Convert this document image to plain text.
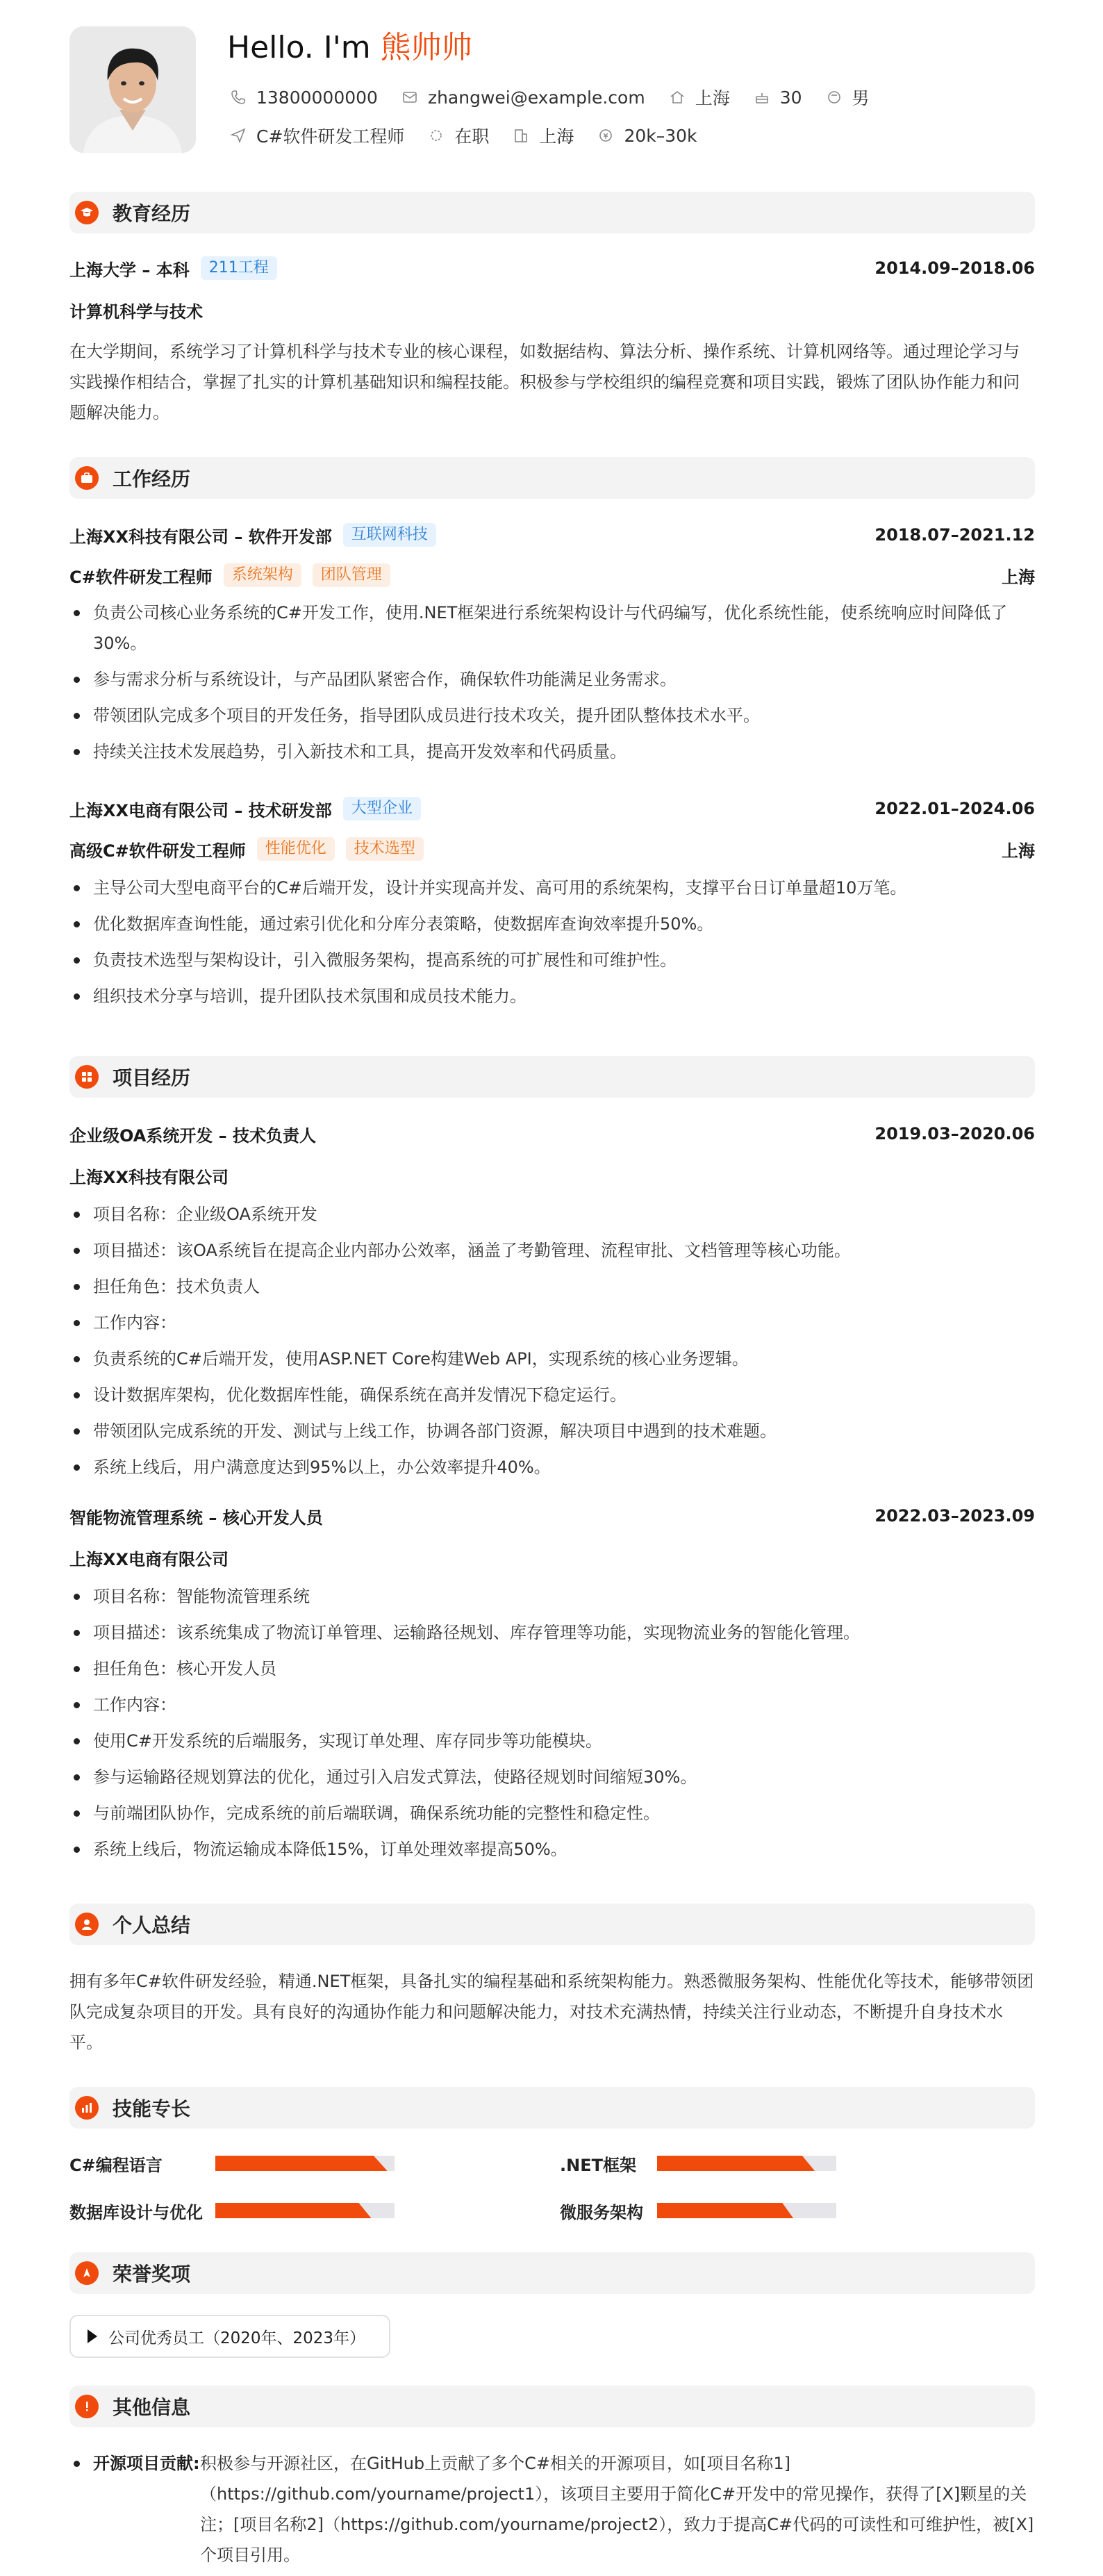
Hello. I'm 熊帅帅
13800000000	zhangwei@example.com	上海	30	男
C#软件研发工程师	在职	上海	20k–30k
教育经历
上海大学 – 本科	211工程	2014.09–2018.06
计算机科学与技术
在大学期间，系统学习了计算机科学与技术专业的核心课程，如数据结构、算法分析、操作系统、计算机网络等。通过理论学习与实践操作相结合，掌握了扎实的计算机基础知识和编程技能。积极参与学校组织的编程竞赛和项目实践，锻炼了团队协作能力和问题解决能力。
工作经历
上海XX科技有限公司 – 软件开发部	互联网科技	2018.07–2021.12
C#软件研发工程师	系统架构	团队管理	上海
负责公司核心业务系统的C#开发工作，使用.NET框架进行系统架构设计与代码编写，优化系统性能，使系统响应时间降低了30%。
参与需求分析与系统设计，与产品团队紧密合作，确保软件功能满足业务需求。
带领团队完成多个项目的开发任务，指导团队成员进行技术攻关，提升团队整体技术水平。
持续关注技术发展趋势，引入新技术和工具，提高开发效率和代码质量。
上海XX电商有限公司 – 技术研发部	大型企业	2022.01–2024.06
高级C#软件研发工程师	性能优化	技术选型	上海
主导公司大型电商平台的C#后端开发，设计并实现高并发、高可用的系统架构，支撑平台日订单量超10万笔。
优化数据库查询性能，通过索引优化和分库分表策略，使数据库查询效率提升50%。
负责技术选型与架构设计，引入微服务架构，提高系统的可扩展性和可维护性。
组织技术分享与培训，提升团队技术氛围和成员技术能力。
项目经历
企业级OA系统开发 – 技术负责人	2019.03–2020.06
上海XX科技有限公司
项目名称：企业级OA系统开发
项目描述：该OA系统旨在提高企业内部办公效率，涵盖了考勤管理、流程审批、文档管理等核心功能。
担任角色：技术负责人
工作内容：
负责系统的C#后端开发，使用ASP.NET Core构建Web API，实现系统的核心业务逻辑。
设计数据库架构，优化数据库性能，确保系统在高并发情况下稳定运行。
带领团队完成系统的开发、测试与上线工作，协调各部门资源，解决项目中遇到的技术难题。
系统上线后，用户满意度达到95%以上，办公效率提升40%。
智能物流管理系统 – 核心开发人员	2022.03–2023.09
上海XX电商有限公司
项目名称：智能物流管理系统
项目描述：该系统集成了物流订单管理、运输路径规划、库存管理等功能，实现物流业务的智能化管理。
担任角色：核心开发人员
工作内容：
使用C#开发系统的后端服务，实现订单处理、库存同步等功能模块。
参与运输路径规划算法的优化，通过引入启发式算法，使路径规划时间缩短30%。
与前端团队协作，完成系统的前后端联调，确保系统功能的完整性和稳定性。
系统上线后，物流运输成本降低15%，订单处理效率提高50%。
个人总结
拥有多年C#软件研发经验，精通.NET框架，具备扎实的编程基础和系统架构能力。熟悉微服务架构、性能优化等技术，能够带领团队完成复杂项目的开发。具有良好的沟通协作能力和问题解决能力，对技术充满热情，持续关注行业动态，不断提升自身技术水平。
技能专长
C#编程语言	.NET框架
数据库设计与优化	微服务架构
荣誉奖项
公司优秀员工（2020年、2023年）
其他信息
开源项目贡献: 积极参与开源社区，在GitHub上贡献了多个C#相关的开源项目，如[项目名称1]（https://github.com/yourname/project1），该项目主要用于简化C#开发中的常见操作，获得了[X]颗星的关注；[项目名称2]（https://github.com/yourname/project2），致力于提高C#代码的可读性和可维护性，被[X]个项目引用。
